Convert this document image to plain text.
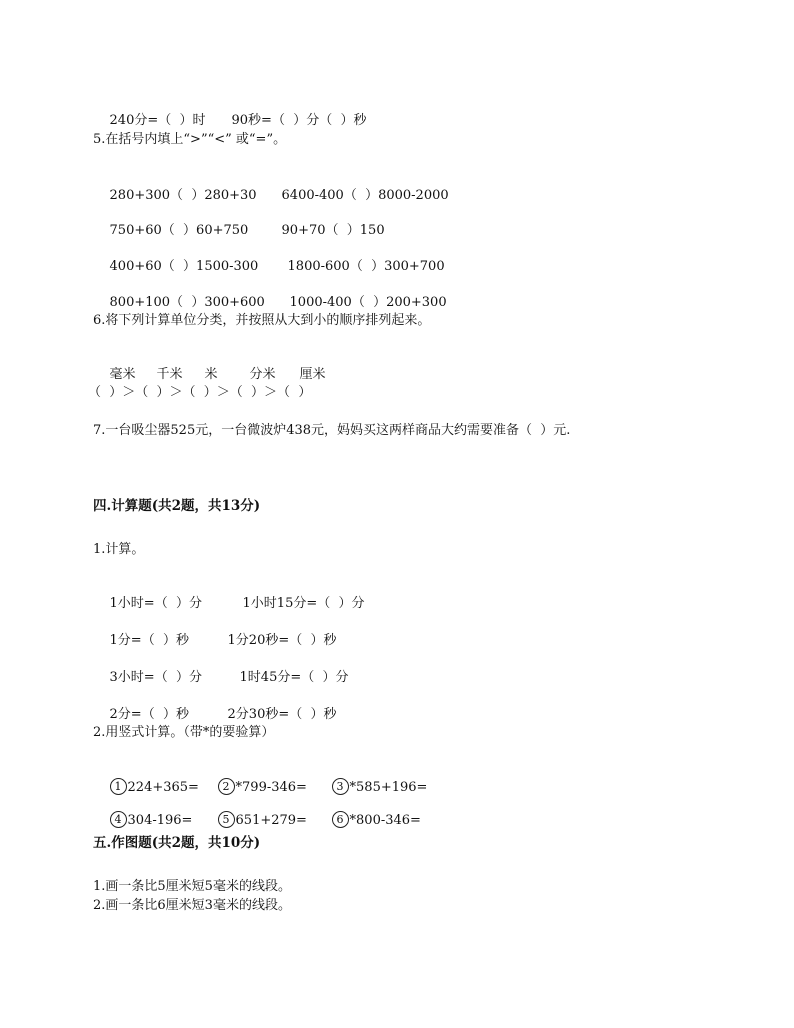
240分=（  ）时 90秒=（  ）分（  ）秒

5.在括号内填上“>”“<” 或“=”。

280+300（  ）280+30 6400-400（  ）8000-2000

750+60（  ）60+750	90+70（  ）150

400+60（  ）1500-300 1800-600（  ）300+700

800+100（  ）300+600 1000-400（  ）200+300

6.将下列计算单位分类，并按照从大到小的顺序排列起来。

毫米 千米 米 分米 厘米

（  ）＞（  ）＞（  ）＞（  ）＞（  ）
7.一台吸尘器525元，一台微波炉438元，妈妈买这两样商品大约需要准备（  ）元.
四.计算题(共2题，共13分)
1.计算。

1小时=（  ）分	1小时15分=（  ）分

1分=（  ）秒	1分20秒=（  ）秒

3小时=（  ）分	1时45分=（  ）分

2分=（  ）秒	2分30秒=（  ）秒

2.用竖式计算。（带*的要验算）

1 224+365= 2 *799-346=	3 *585+196=

4 304-196=	5 651+279=	6 *800-346=

五.作图题(共2题，共10分)
1.画一条比5厘米短5毫米的线段。
2.画一条比6厘米短3毫米的线段。
